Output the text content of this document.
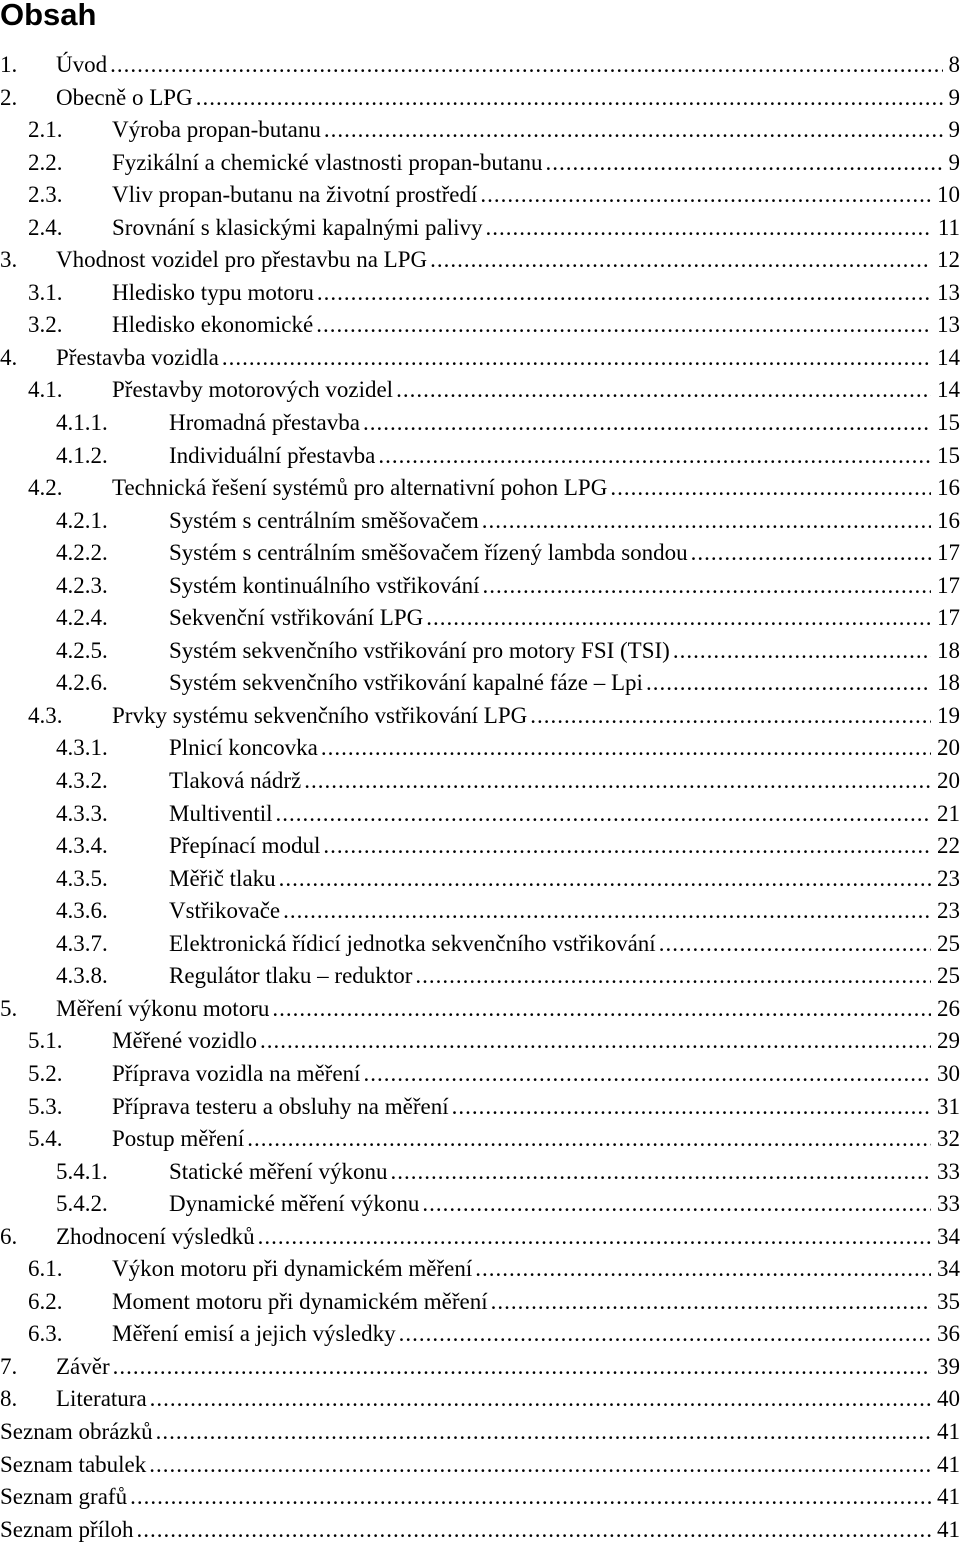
Obsah
1.	Úvod .....	8
2.	Obecně o LPG .....	9
2.1.	Výroba propan-butanu .....	9
2.2.	Fyzikální a chemické vlastnosti propan-butanu .....	9
2.3.	Vliv propan-butanu na životní prostředí .....	10
2.4.	Srovnání s klasickými kapalnými palivy .....	11
3.	Vhodnost vozidel pro přestavbu na LPG .....	12
3.1.	Hledisko typu motoru .....	13
3.2.	Hledisko ekonomické .....	13
4.	Přestavba vozidla .....	14
4.1.	Přestavby motorových vozidel .....	14
4.1.1.	Hromadná přestavba .....	15
4.1.2.	Individuální přestavba .....	15
4.2.	Technická řešení systémů pro alternativní pohon LPG .....	16
4.2.1.	Systém s centrálním směšovačem .....	16
4.2.2.	Systém s centrálním směšovačem řízený lambda sondou .....	17
4.2.3.	Systém kontinuálního vstřikování .....	17
4.2.4.	Sekvenční vstřikování LPG .....	17
4.2.5.	Systém sekvenčního vstřikování pro motory FSI (TSI) .....	18
4.2.6.	Systém sekvenčního vstřikování kapalné fáze – Lpi .....	18
4.3.	Prvky systému sekvenčního vstřikování LPG .....	19
4.3.1.	Plnicí koncovka .....	20
4.3.2.	Tlaková nádrž .....	20
4.3.3.	Multiventil .....	21
4.3.4.	Přepínací modul .....	22
4.3.5.	Měřič tlaku .....	23
4.3.6.	Vstřikovače .....	23
4.3.7.	Elektronická řídicí jednotka sekvenčního vstřikování .....	25
4.3.8.	Regulátor tlaku – reduktor .....	25
5.	Měření výkonu motoru .....	26
5.1.	Měřené vozidlo .....	29
5.2.	Příprava vozidla na měření .....	30
5.3.	Příprava testeru a obsluhy na měření .....	31
5.4.	Postup měření .....	32
5.4.1.	Statické měření výkonu .....	33
5.4.2.	Dynamické měření výkonu .....	33
6.	Zhodnocení výsledků .....	34
6.1.	Výkon motoru při dynamickém měření .....	34
6.2.	Moment motoru při dynamickém měření .....	35
6.3.	Měření emisí a jejich výsledky .....	36
7.	Závěr .....	39
8.	Literatura .....	40
Seznam obrázků .....	41
Seznam tabulek .....	41
Seznam grafů .....	41
Seznam příloh .....	41
